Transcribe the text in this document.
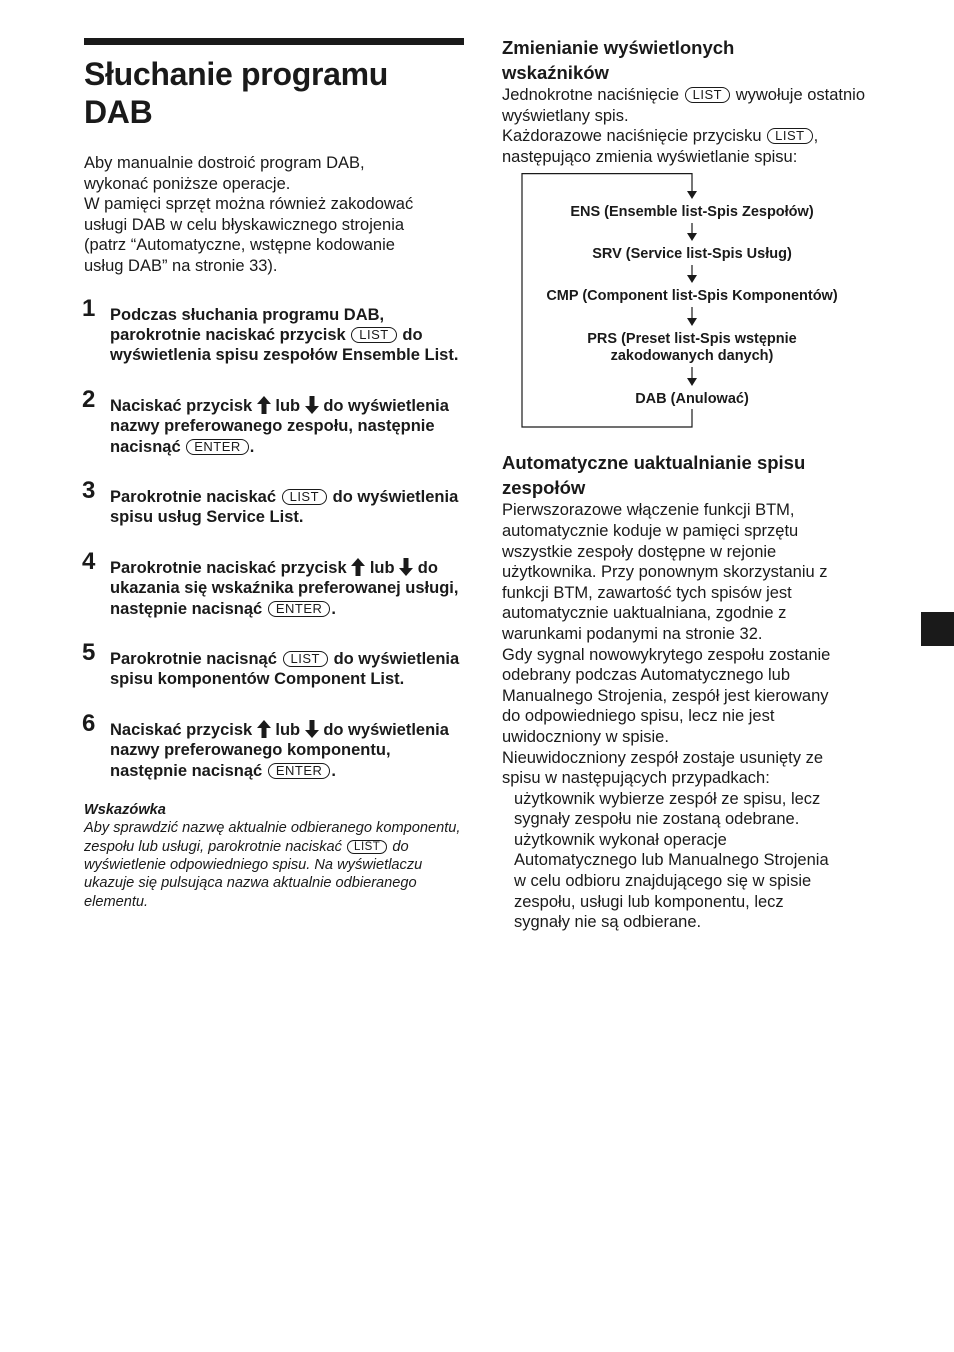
Słuchanie programu DAB
Aby manualnie dostroić program DAB,
wykonać poniższe operacje.
W pamięci sprzęt można również zakodować
usługi DAB w celu błyskawicznego strojenia
(patrz “Automatyczne, wstępne kodowanie
usług DAB” na stronie 33).
1 Podczas słuchania programu DAB, parokrotnie naciskać przycisk LIST do wyświetlenia spisu zespołów Ensemble List.
2 Naciskać przycisk lub do wyświetlenia nazwy preferowanego zespołu, następnie nacisnąć ENTER .
3 Parokrotnie naciskać LIST do wyświetlenia spisu usług Service List.
4 Parokrotnie naciskać przycisk lub do ukazania się wskaźnika preferowanej usługi, następnie nacisnąć ENTER .
5 Parokrotnie nacisnąć LIST do wyświetlenia spisu komponentów Component List.
6 Naciskać przycisk lub do wyświetlenia nazwy preferowanego komponentu, następnie nacisnąć ENTER .
Wskazówka
Aby sprawdzić nazwę aktualnie odbieranego komponentu, zespołu lub usługi, parokrotnie naciskać LIST do wyświetlenie odpowiedniego spisu. Na wyświetlaczu ukazuje się pulsująca nazwa aktualnie odbieranego elementu.
Zmienianie wyświetlonych
wskaźników
Jednokrotne naciśnięcie LIST wywołuje ostatnio wyświetlany spis.
Każdorazowe naciśnięcie przycisku LIST , następująco zmienia wyświetlanie spisu:
ENS (Ensemble list-Spis Zespołów)
SRV (Service list-Spis Usług)
CMP (Component list-Spis Komponentów)
PRS (Preset list-Spis wstępnie
zakodowanych danych)
DAB (Anulować)
Automatyczne uaktualnianie spisu
zespołów
Pierwszorazowe włączenie funkcji BTM,
automatycznie koduje w pamięci sprzętu
wszystkie zespoły dostępne w rejonie
użytkownika. Przy ponownym skorzystaniu z
funkcji BTM, zawartość tych spisów jest
automatycznie uaktualniana, zgodnie z
warunkami podanymi na stronie 32.
Gdy sygnal nowowykrytego zespołu zostanie
odebrany podczas Automatycznego lub
Manualnego Strojenia, zespół jest kierowany
do odpowiedniego spisu, lecz nie jest
uwidoczniony w spisie.
Nieuwidoczniony zespół zostaje usunięty ze
spisu w następujących przypadkach:
użytkownik wybierze zespół ze spisu, lecz
sygnały zespołu nie zostaną odebrane.
użytkownik wykonał operacje
Automatycznego lub Manualnego Strojenia
w celu odbioru znajdującego się w spisie
zespołu, usługi lub komponentu, lecz
sygnały nie są odbierane.
